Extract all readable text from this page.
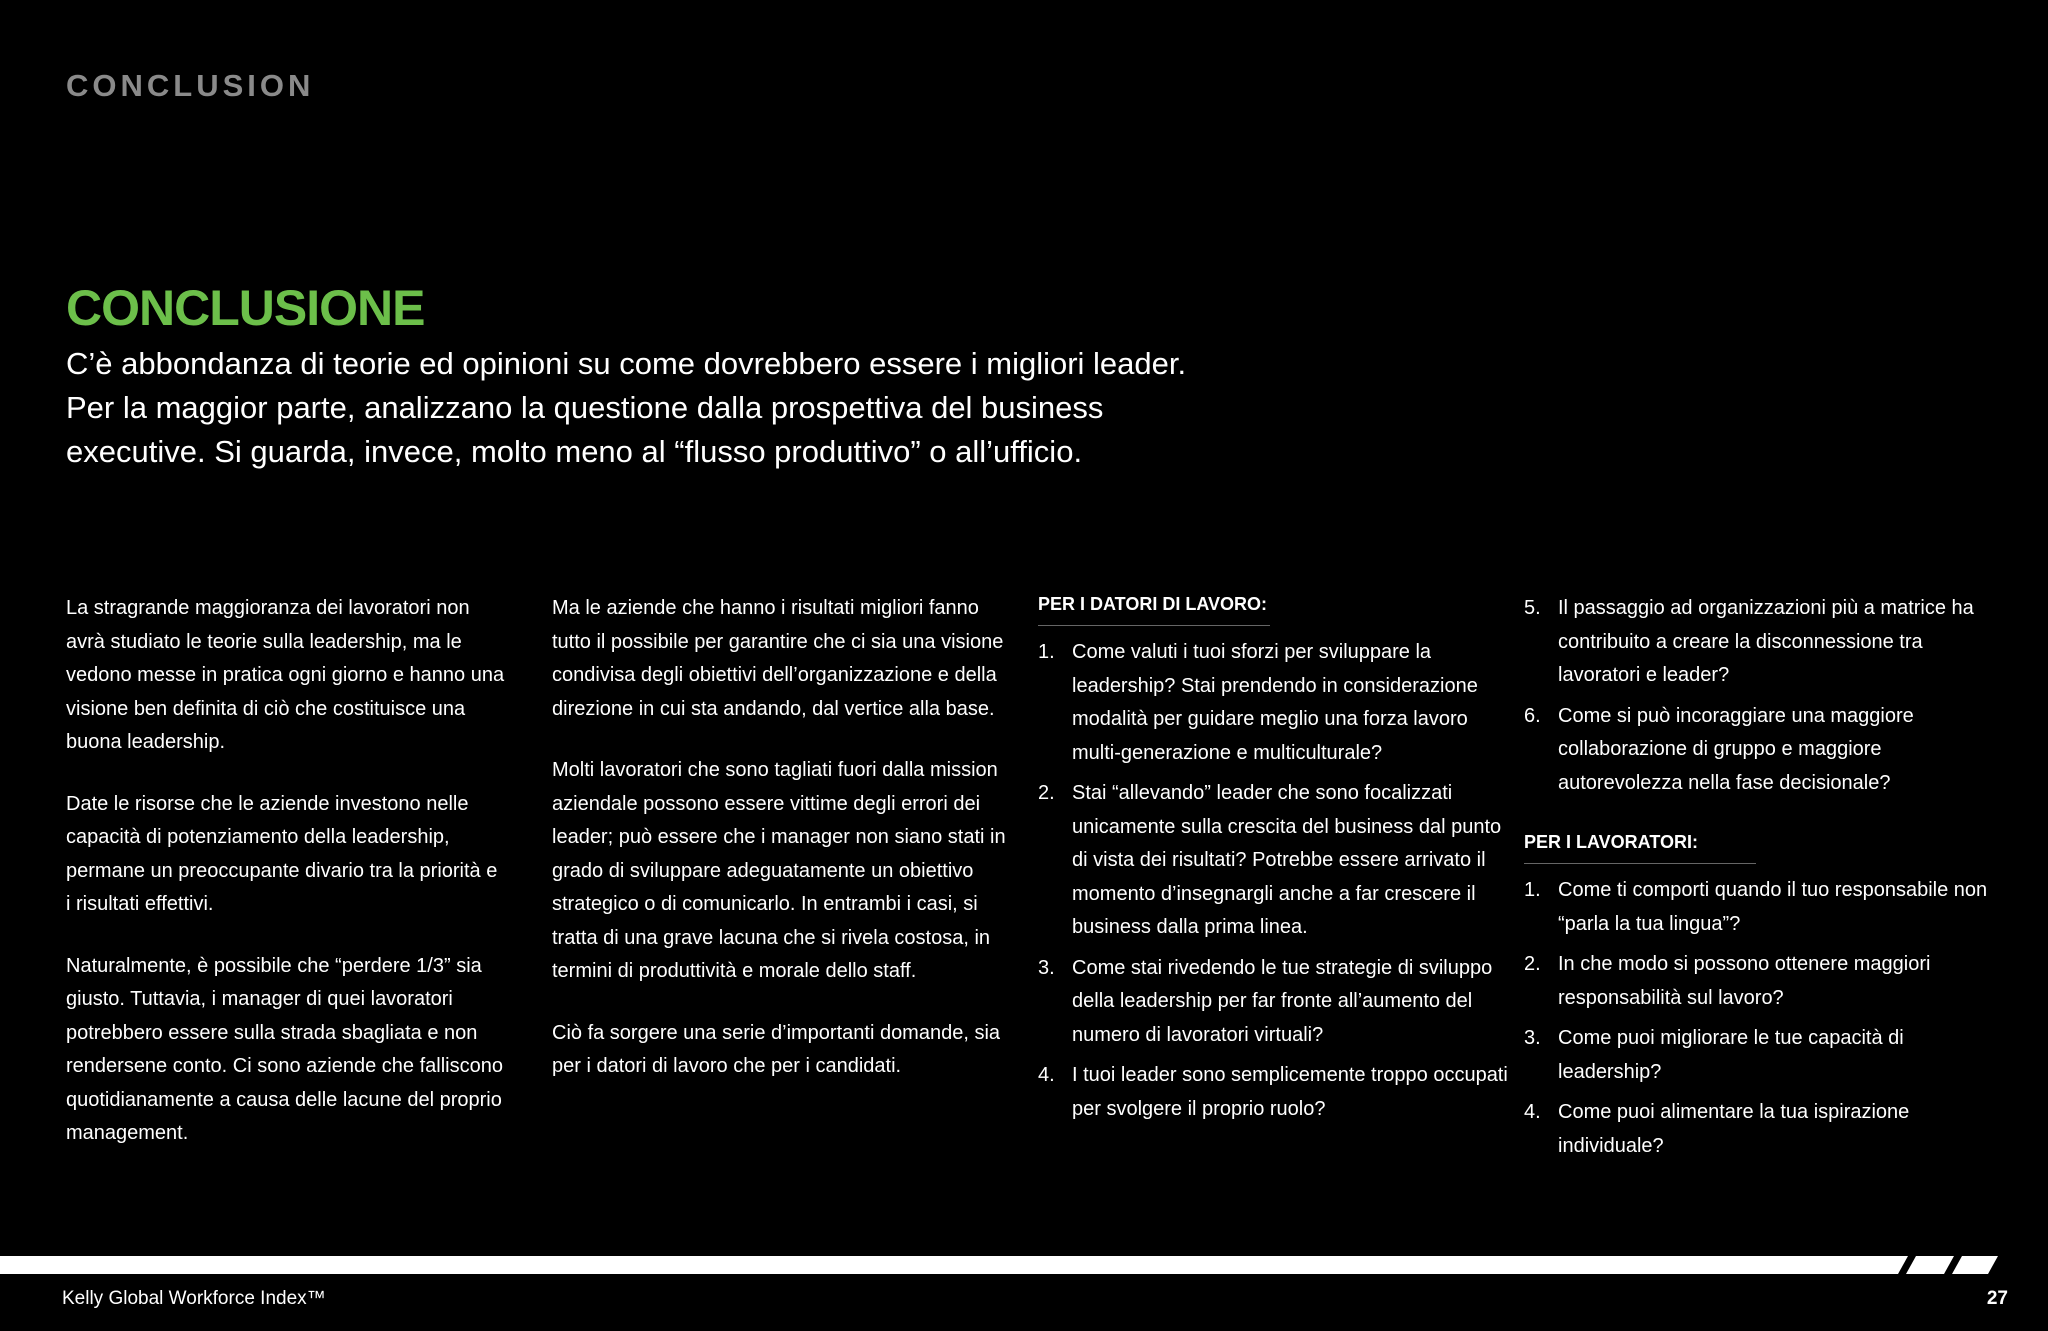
CONCLUSION
CONCLUSIONE

C’è abbondanza di teorie ed opinioni su come dovrebbero essere i migliori leader.
Per la maggior parte, analizzano la questione dalla prospettiva del business
executive. Si guarda, invece, molto meno al “flusso produttivo” o all’ufficio.

La stragrande maggioranza dei lavoratori non avrà studiato le teorie sulla leadership, ma le vedono messe in pratica ogni giorno e hanno una visione ben definita di ciò che costituisce una buona leadership.

Date le risorse che le aziende investono nelle capacità di potenziamento della leadership, permane un preoccupante divario tra la priorità e i risultati effettivi.

Naturalmente, è possibile che “perdere 1/3” sia giusto. Tuttavia, i manager di quei lavoratori potrebbero essere sulla strada sbagliata e non rendersene conto. Ci sono aziende che falliscono quotidianamente a causa delle lacune del proprio management.

Ma le aziende che hanno i risultati migliori fanno tutto il possibile per garantire che ci sia una visione condivisa degli obiettivi dell’organizzazione e della direzione in cui sta andando, dal vertice alla base.

Molti lavoratori che sono tagliati fuori dalla mission aziendale possono essere vittime degli errori dei leader; può essere che i manager non siano stati in grado di sviluppare adeguatamente un obiettivo strategico o di comunicarlo. In entrambi i casi, si tratta di una grave lacuna che si rivela costosa, in termini di produttività e morale dello staff.

Ciò fa sorgere una serie d’importanti domande, sia per i datori di lavoro che per i candidati.

PER I DATORI DI LAVORO:
1. Come valuti i tuoi sforzi per sviluppare la leadership? Stai prendendo in considerazione modalità per guidare meglio una forza lavoro multi-generazione e multiculturale?
2. Stai “allevando” leader che sono focalizzati unicamente sulla crescita del business dal punto di vista dei risultati? Potrebbe essere arrivato il momento d’insegnargli anche a far crescere il business dalla prima linea.
3. Come stai rivedendo le tue strategie di sviluppo della leadership per far fronte all’aumento del numero di lavoratori virtuali?
4. I tuoi leader sono semplicemente troppo occupati per svolgere il proprio ruolo?
5. Il passaggio ad organizzazioni più a matrice ha contribuito a creare la disconnessione tra lavoratori e leader?
6. Come si può incoraggiare una maggiore collaborazione di gruppo e maggiore autorevolezza nella fase decisionale?
PER I LAVORATORI:
1. Come ti comporti quando il tuo responsabile non “parla la tua lingua”?
2. In che modo si possono ottenere maggiori responsabilità sul lavoro?
3. Come puoi migliorare le tue capacità di leadership?
4. Come puoi alimentare la tua ispirazione individuale?

Kelly Global Workforce Index™	27
